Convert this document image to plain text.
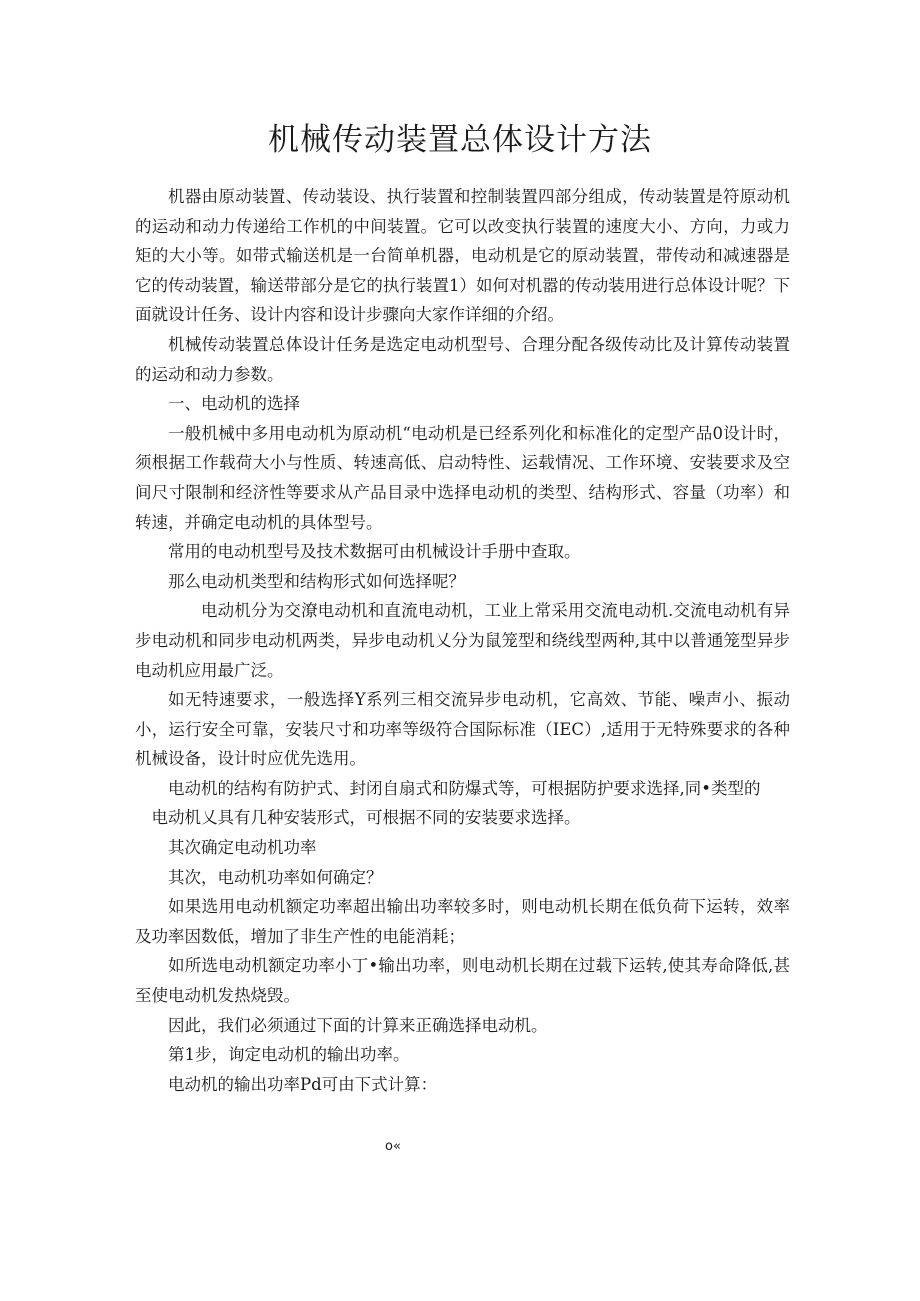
机械传动装置总体设计方法

机器由原动装置、传动装设、执行装置和控制装置四部分组成，传动装置是符原动机的运动和动力传递给工作机的中间装置。它可以改变执行装置的速度大小、方向，力或力矩的大小等。如带式输送机是一台简单机器，电动机是它的原动装置，带传动和减速器是它的传动装置，输送带部分是它的执行装置1）如何对机嚣的传动装用进行总体设计呢？下面就设计任务、设计内容和设计步骤向大家作详细的介绍。

机械传动装置总体设计任务是选定电动机型号、合理分配各级传动比及计算传动装置的运动和动力参数。

一、电动机的选择

一般机械中多用电动机为原动机“电动机是已经系列化和标准化的定型产品0设计时，须根据工作载荷大小与性质、转速高低、启动特性、运载情况、工作环境、安装要求及空间尺寸限制和经济性等要求从产品目录中选择电动机的类型、结构形式、容量（功率）和转速，并确定电动机的具体型号。

常用的电动机型号及技术数据可由机械设计手册中查取。

那么电动机类型和结构形式如何选择呢？

电动机分为交潦电动机和直流电动机，工业上常采用交流电动机.交流电动机有异步电动机和同步电动机两类，异步电动机乂分为鼠笼型和绕线型两种,其中以普通笼型异步电动机应用最广泛。

如无特速要求，一般选择Y系列三相交流异步电动机，它高效、节能、噪声小、振动小，运行安全可靠，安装尺寸和功率等级符合国际标准（IEC）,适用于无特殊要求的各种机械设备，设计时应优先选用。

电动机的结构有防护式、封闭自扇式和防爆式等，可根据防护要求选择,同•类型的

电动机乂具有几种安装形式，可根据不同的安装要求选择。

其次确定电动机功率

其次，电动机功率如何确定？

如果选用电动机额定功率超出输出功率较多时，则电动机长期在低负荷下运转，效率及功率因数低，增加了非生产性的电能消耗；

如所选电动机额定功率小丁•输出功率，则电动机长期在过载下运转,使其寿命降低,甚至使电动机发热烧毁。

因此，我们必须通过下面的计算来正确选择电动机。

第1步，询定电动机的输出功率。

电动机的输出功率Pd可由下式计算：

o«
